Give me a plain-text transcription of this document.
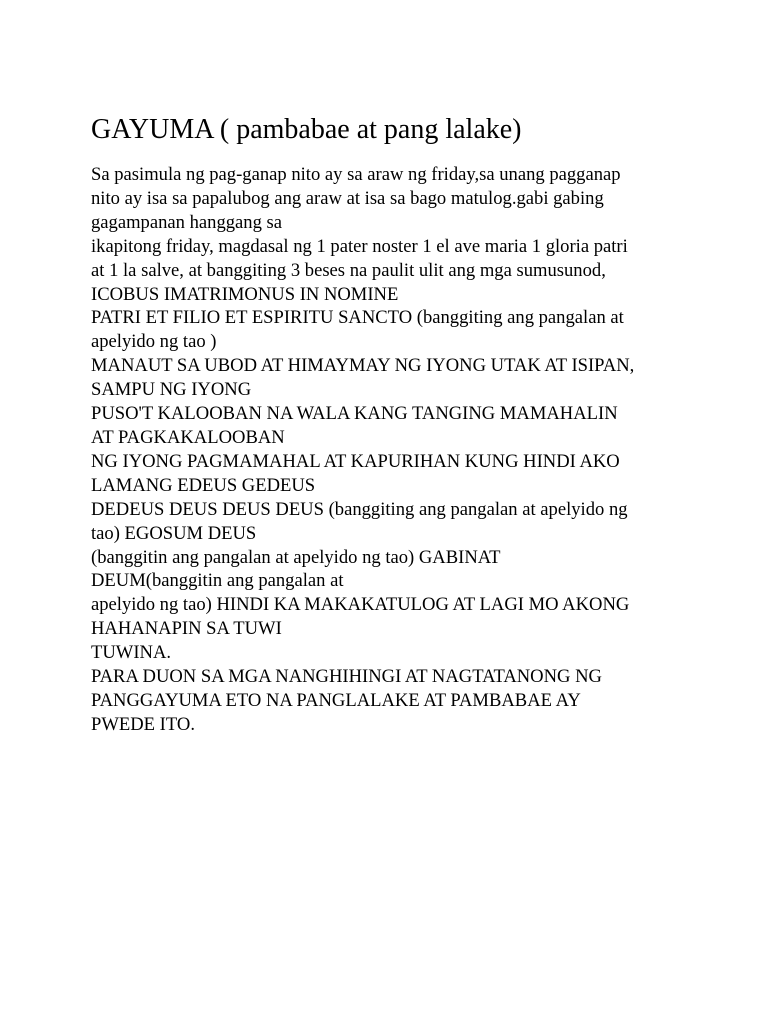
GAYUMA ( pambabae at pang lalake)
Sa pasimula ng pag-ganap nito ay sa araw ng friday,sa unang pagganap
nito ay isa sa papalubog ang araw at isa sa bago matulog.gabi gabing
gagampanan hanggang sa
ikapitong friday, magdasal ng 1 pater noster 1 el ave maria 1 gloria patri
at 1 la salve, at banggiting 3 beses na paulit ulit ang mga sumusunod,
ICOBUS IMATRIMONUS IN NOMINE
PATRI ET FILIO ET ESPIRITU SANCTO (banggiting ang pangalan at
apelyido ng tao )
MANAUT SA UBOD AT HIMAYMAY NG IYONG UTAK AT ISIPAN,
SAMPU NG IYONG
PUSO'T KALOOBAN NA WALA KANG TANGING MAMAHALIN
AT PAGKAKALOOBAN
NG IYONG PAGMAMAHAL AT KAPURIHAN KUNG HINDI AKO
LAMANG EDEUS GEDEUS
DEDEUS DEUS DEUS DEUS (banggiting ang pangalan at apelyido ng
tao) EGOSUM DEUS
(banggitin ang pangalan at apelyido ng tao) GABINAT
DEUM(banggitin ang pangalan at
apelyido ng tao) HINDI KA MAKAKATULOG AT LAGI MO AKONG
HAHANAPIN SA TUWI
TUWINA.
PARA DUON SA MGA NANGHIHINGI AT NAGTATANONG NG
PANGGAYUMA ETO NA PANGLALAKE AT PAMBABAE AY
PWEDE ITO.
